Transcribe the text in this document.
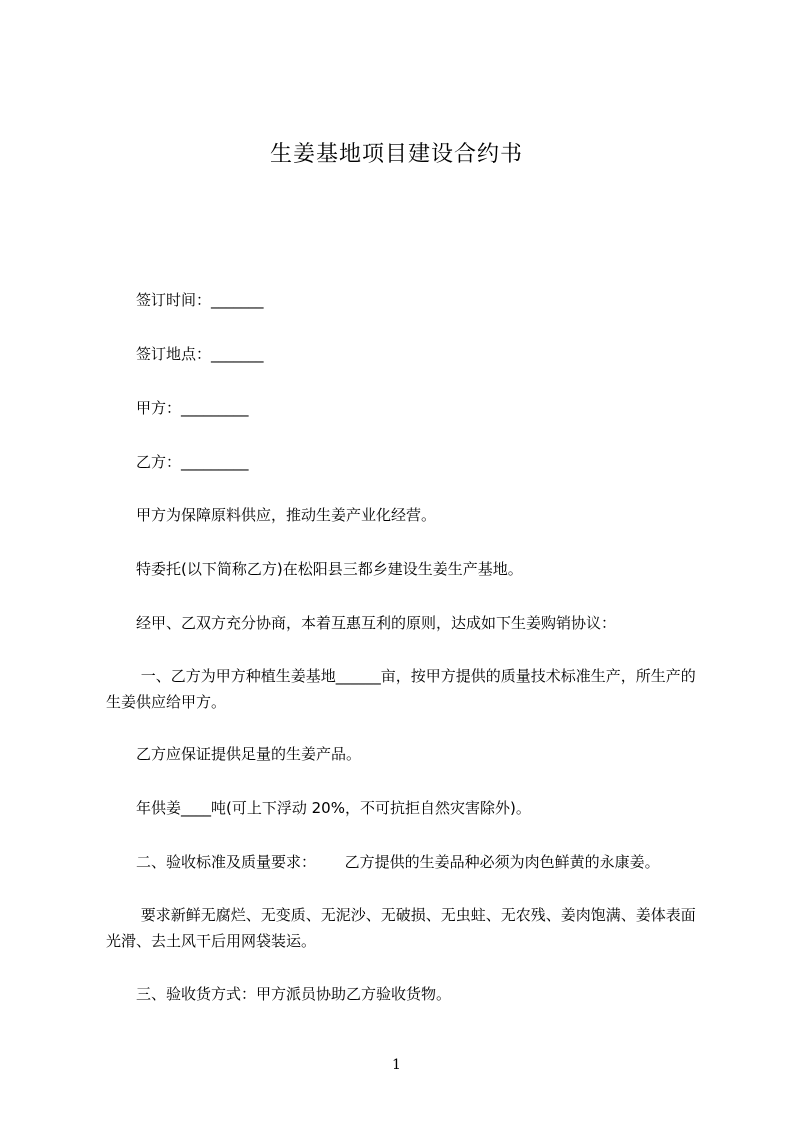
生姜基地项目建设合约书

签订时间：_______

签订地点：_______

甲方：_________

乙方：_________

甲方为保障原料供应，推动生姜产业化经营。

特委托(以下简称乙方)在松阳县三都乡建设生姜生产基地。

经甲、乙双方充分协商，本着互惠互利的原则，达成如下生姜购销协议：

一、乙方为甲方种植生姜基地______亩，按甲方提供的质量技术标准生产，所生产的生姜供应给甲方。

乙方应保证提供足量的生姜产品。

年供姜____吨(可上下浮动 20%，不可抗拒自然灾害除外)。

二、验收标准及质量要求：      乙方提供的生姜品种必须为肉色鲜黄的永康姜。

要求新鲜无腐烂、无变质、无泥沙、无破损、无虫蛀、无农残、姜肉饱满、姜体表面光滑、去土风干后用网袋装运。

三、验收货方式：甲方派员协助乙方验收货物。

1
